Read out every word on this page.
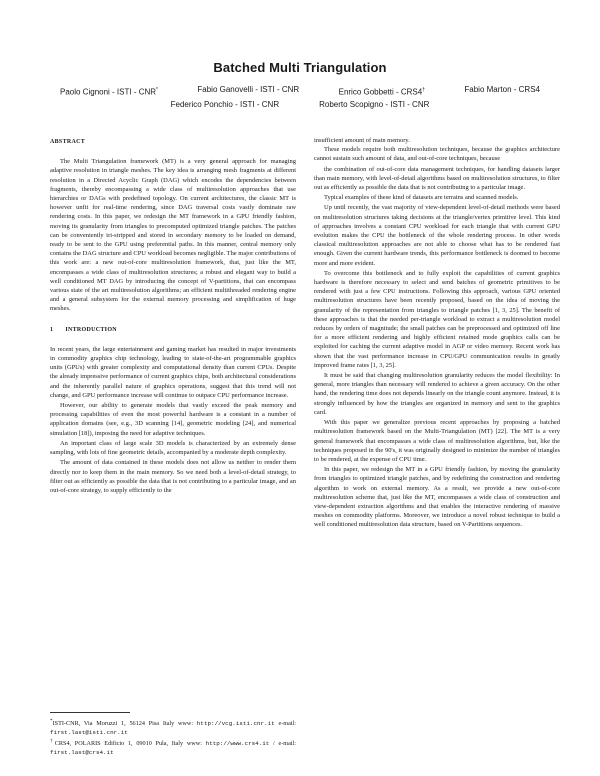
Batched Multi Triangulation
Paolo Cignoni - ISTI - CNR*	Fabio Ganovelli - ISTI - CNR	Enrico Gobbetti - CRS4†	Fabio Marton - CRS4
Federico Ponchio - ISTI - CNR	Roberto Scopigno - ISTI - CNR
ABSTRACT

The Multi Triangulation framework (MT) is a very general approach for managing adaptive resolution in triangle meshes. The key idea is arranging mesh fragments at different resolution in a Directed Acyclic Graph (DAG) which encodes the dependencies between fragments, thereby encompassing a wide class of multiresolution approaches that use hierarchies or DAGs with predefined topology. On current architectures, the classic MT is however unfit for real-time rendering, since DAG traversal costs vastly dominate raw rendering costs. In this paper, we redesign the MT framework in a GPU friendly fashion, moving its granularity from triangles to precomputed optimized triangle patches. The patches can be conveniently tri-stripped and stored in secondary memory to be loaded on demand, ready to be sent to the GPU using preferential paths. In this manner, central memory only contains the DAG structure and CPU workload becomes negligible. The major contributions of this work are: a new out-of-core multiresolution framework, that, just like the MT, encompasses a wide class of multiresolution structures; a robust and elegant way to build a well conditioned MT DAG by introducing the concept of V-partitions, that can encompass various state of the art multiresolution algorithms; an efficient multithreaded rendering engine and a general subsystem for the external memory processing and simplification of huge meshes.

1 INTRODUCTION

In recent years, the large entertainment and gaming market has resulted in major investments in commodity graphics chip technology, leading to state-of-the-art programmable graphics units (GPUs) with greater complexity and computational density than current CPUs. Despite the already impressive performance of current graphics chips, both architectural considerations and the inherently parallel nature of graphics operations, suggest that this trend will not change, and GPU performance increase will continue to outpace CPU performance increase.

However, our ability to generate models that vastly exceed the peak memory and processing capabilities of even the most powerful hardware is a constant in a number of application domains (see, e.g., 3D scanning [14], geometric modeling [24], and numerical simulation [18]), imposing the need for adaptive techniques.

An important class of large scale 3D models is characterized by an extremely dense sampling, with lots of fine geometric details, accompanied by a moderate depth complexity.

The amount of data contained in these models does not allow us neither to render them directly nor to keep them in the main memory. So we need both a level-of-detail strategy, to filter out as efficiently as possible the data that is not contributing to a particular image, and an out-of-core strategy, to supply efficiently to the

*ISTI-CNR, Via Moruzzi 1, 56124 Pisa Italy www: http://vcg.isti.cnr.it e-mail: first.last@isti.cnr.it
†CRS4, POLARIS Edificio 1, 09010 Pula, Italy www: http://www.crs4.it / e-mail: first.last@crs4.it

insufficient amount of main memory.

These models require both multiresolution techniques, because the graphics architecture cannot sustain such amount of data, and out-of-core techniques, because

the combination of out-of-core data management techniques, for handling datasets larger than main memory, with level-of-detail algorithms based on multiresolution structures, to filter out as efficiently as possible the data that is not contributing to a particular image.

Typical examples of these kind of datasets are terrains and scanned models.

Up until recently, the vast majority of view-dependent level-of-detail methods were based on multiresolution structures taking decisions at the triangle/vertex primitive level. This kind of approaches involves a constant CPU workload for each triangle that with current GPU evolution makes the CPU the bottleneck of the whole rendering process. In other words classical multiresolution approaches are not able to choose what has to be rendered fast enough. Given the current hardware trends, this performance bottleneck is doomed to become more and more evident.

To overcome this bottleneck and to fully exploit the capabilities of current graphics hardware is therefore necessary to select and send batches of geometric primitives to be rendered with just a few CPU instructions. Following this approach, various GPU oriented multiresolution structures have been recently proposed, based on the idea of moving the granularity of the representation from triangles to triangle patches [1, 3, 25]. The benefit of these approaches is that the needed per-triangle workload to extract a multiresolution model reduces by orders of magnitude; the small patches can be preprocessed and optimized off line for a more efficient rendering and highly efficient retained mode graphics calls can be exploited for caching the current adaptive model in AGP or video memory. Recent work has shown that the vast performance increase in CPU/GPU communication results in greatly improved frame rates [1, 3, 25].

It must be said that changing multiresolution granularity reduces the model flexibility: In general, more triangles than necessary will rendered to achieve a given accuracy. On the other hand, the rendering time does not depends linearly on the triangle count anymore. Instead, it is strongly influenced by how the triangles are organized in memory and sent to the graphics card.

With this paper we generalize previous recent approaches by proposing a batched multiresolution framework based on the Multi-Triangulation (MT) [22]. The MT is a very general framework that encompasses a wide class of multiresolution algorithms, but, like the techniques proposed in the 90's, it was originally designed to minimize the number of triangles to be rendered, at the expense of CPU time.

In this paper, we redesign the MT in a GPU friendly fashion, by moving the granularity from triangles to optimized triangle patches, and by redefining the construction and rendering algorithm to work on external memory. As a result, we provide a new out-of-core multiresolution scheme that, just like the MT, encompasses a wide class of construction and view-dependent extraction algorithms and that enables the interactive rendering of massive meshes on commodity platforms. Moreover, we introduce a novel robust technique to build a well conditioned multiresolution data structure, based on V-Partitions sequences.
